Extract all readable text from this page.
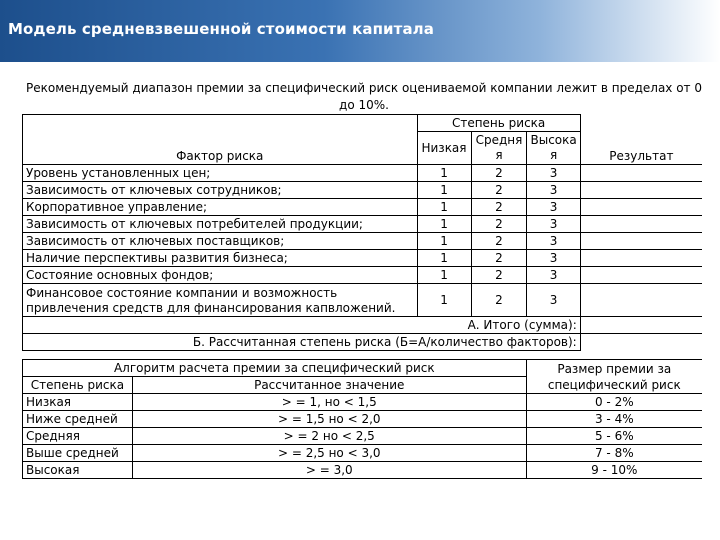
Модель средневзвешенной стоимости капитала
Рекомендуемый диапазон премии за специфический риск оцениваемой компании лежит в пределах от 0 до 10%.
	Степень риска			
Фактор риска	Низкая	Средня я	Высока я	Результат
Уровень установленных цен;	1	2	3	
Зависимость от ключевых сотрудников;	1	2	3	
Корпоративное управление;	1	2	3	
Зависимость от ключевых потребителей продукции;	1	2	3	
Зависимость от ключевых поставщиков;	1	2	3	
Наличие перспективы развития бизнеса;	1	2	3	
Состояние основных фондов;	1	2	3	
Финансовое состояние компании и возможность привлечения средств для финансирования капвложений.	1	2	3	
А. Итого (сумма):				
Б. Рассчитанная степень риска (Б=А/количество факторов):				
Алгоритм расчета премии за специфический риск		Размер премии за специфический риск
Степень риска	Рассчитанное значение	
Низкая	> = 1, но < 1,5	0 - 2%
Ниже средней	> = 1,5 но < 2,0	3 - 4%
Средняя	> = 2 но < 2,5	5 - 6%
Выше средней	> = 2,5 но < 3,0	7 - 8%
Высокая	> = 3,0	9 - 10%
